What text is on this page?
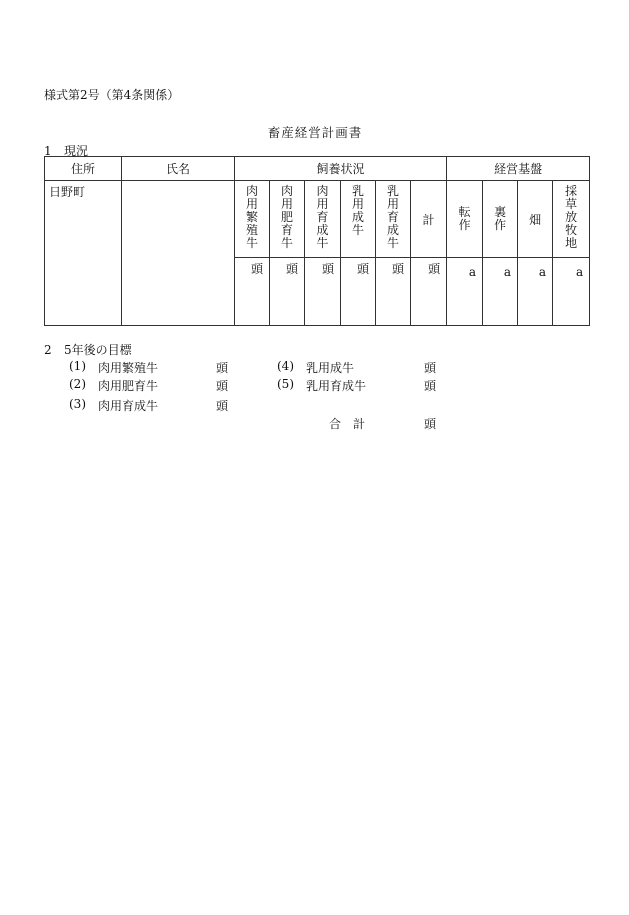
様式第2号（第4条関係）
畜産経営計画書
1 現況
住所	氏名	飼養状況						経営基盤			
日野町		肉用繁殖牛	肉用肥育牛	肉用育成牛	乳用成牛	乳用育成牛	計	転作	裏作	畑	採草放牧地
		頭	頭	頭	頭	頭	頭	a	a	a	a
2 5年後の目標
(1) 肉用繁殖牛	頭
(2) 肉用肥育牛	頭
(3) 肉用育成牛	頭
(4) 乳用成牛	頭
(5) 乳用育成牛	頭
合　計	頭
